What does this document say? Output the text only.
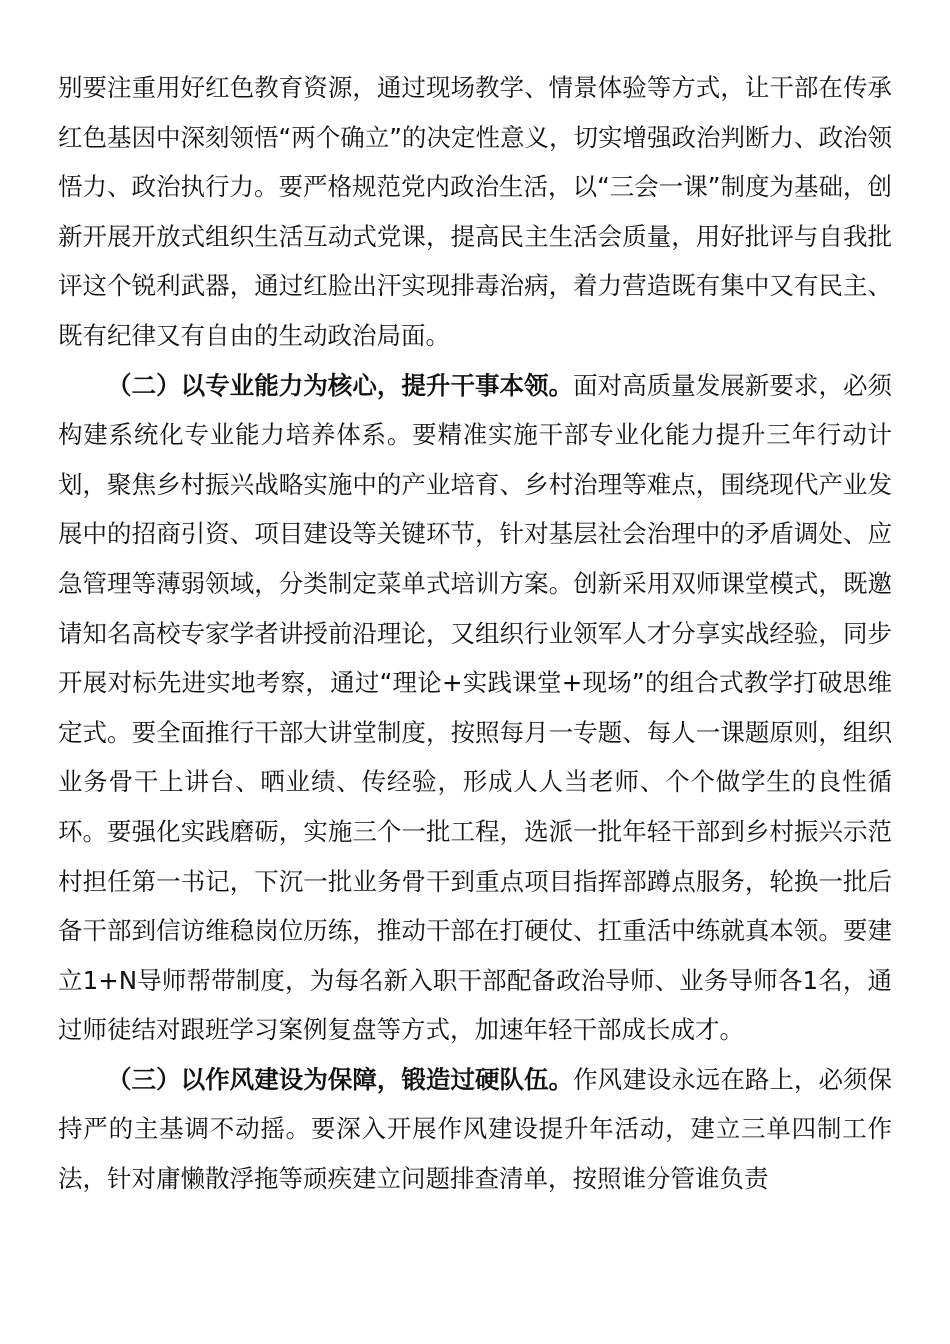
别要注重用好红色教育资源，通过现场教学、情景体验等方式，让干部在传承红色基因中深刻领悟“两个确立”的决定性意义，切实增强政治判断力、政治领悟力、政治执行力。要严格规范党内政治生活，以“三会一课”制度为基础，创新开展开放式组织生活互动式党课，提高民主生活会质量，用好批评与自我批评这个锐利武器，通过红脸出汗实现排毒治病，着力营造既有集中又有民主、既有纪律又有自由的生动政治局面。

（二）以专业能力为核心，提升干事本领。面对高质量发展新要求，必须构建系统化专业能力培养体系。要精准实施干部专业化能力提升三年行动计划，聚焦乡村振兴战略实施中的产业培育、乡村治理等难点，围绕现代产业发展中的招商引资、项目建设等关键环节，针对基层社会治理中的矛盾调处、应急管理等薄弱领域，分类制定菜单式培训方案。创新采用双师课堂模式，既邀请知名高校专家学者讲授前沿理论，又组织行业领军人才分享实战经验，同步开展对标先进实地考察，通过“理论+实践课堂+现场”的组合式教学打破思维定式。要全面推行干部大讲堂制度，按照每月一专题、每人一课题原则，组织业务骨干上讲台、晒业绩、传经验，形成人人当老师、个个做学生的良性循环。要强化实践磨砺，实施三个一批工程，选派一批年轻干部到乡村振兴示范村担任第一书记，下沉一批业务骨干到重点项目指挥部蹲点服务，轮换一批后备干部到信访维稳岗位历练，推动干部在打硬仗、扛重活中练就真本领。要建立1+N导师帮带制度，为每名新入职干部配备政治导师、业务导师各1名，通过师徒结对跟班学习案例复盘等方式，加速年轻干部成长成才。

（三）以作风建设为保障，锻造过硬队伍。作风建设永远在路上，必须保持严的主基调不动摇。要深入开展作风建设提升年活动，建立三单四制工作法，针对庸懒散浮拖等顽疾建立问题排查清单，按照谁分管谁负责
